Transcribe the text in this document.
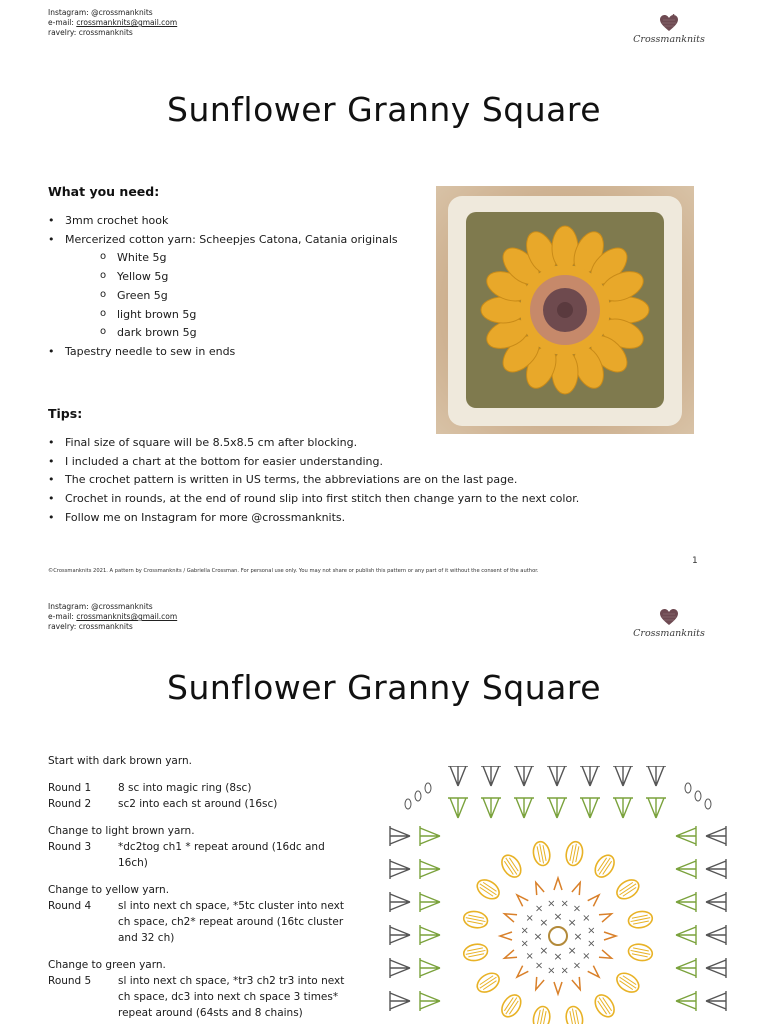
Instagram: @crossmanknits
e-mail: crossmanknits@gmail.com
ravelry: crossmanknits
Crossmanknits
Sunflower Granny Square
What you need:
• 3mm crochet hook
• Mercerized cotton yarn: Scheepjes Catona, Catania originals
o White 5g
o Yellow 5g
o Green 5g
o light brown 5g
o dark brown 5g
• Tapestry needle to sew in ends
Tips:
• Final size of square will be 8.5x8.5 cm after blocking.
• I included a chart at the bottom for easier understanding.
• The crochet pattern is written in US terms, the abbreviations are on the last page.
• Crochet in rounds, at the end of round slip into first stitch then change yarn to the next color.
• Follow me on Instagram for more @crossmanknits.
©Crossmanknits 2021. A pattern by Crossmanknits / Gabriella Crossman. For personal use only. You may not share or publish this pattern or any part of it without the consent of the author.
1
Instagram: @crossmanknits
e-mail: crossmanknits@gmail.com
ravelry: crossmanknits
Crossmanknits
Sunflower Granny Square
Start with dark brown yarn.
Round 1	8 sc into magic ring (8sc)
Round 2	sc2 into each st around (16sc)
Change to light brown yarn.
Round 3	*dc2tog ch1 * repeat around (16dc and 16ch)
Change to yellow yarn.
Round 4	sl into next ch space, *5tc cluster into next ch space, ch2* repeat around (16tc cluster and 32 ch)
Change to green yarn.
Round 5	sl into next ch space, *tr3 ch2 tr3 into next ch space, dc3 into next ch space 3 times* repeat around (64sts and 8 chains)
×
×
×
×
×
× × ×
×
×
×
×
×
×
×
×
×
×
× × × ×
×
×
